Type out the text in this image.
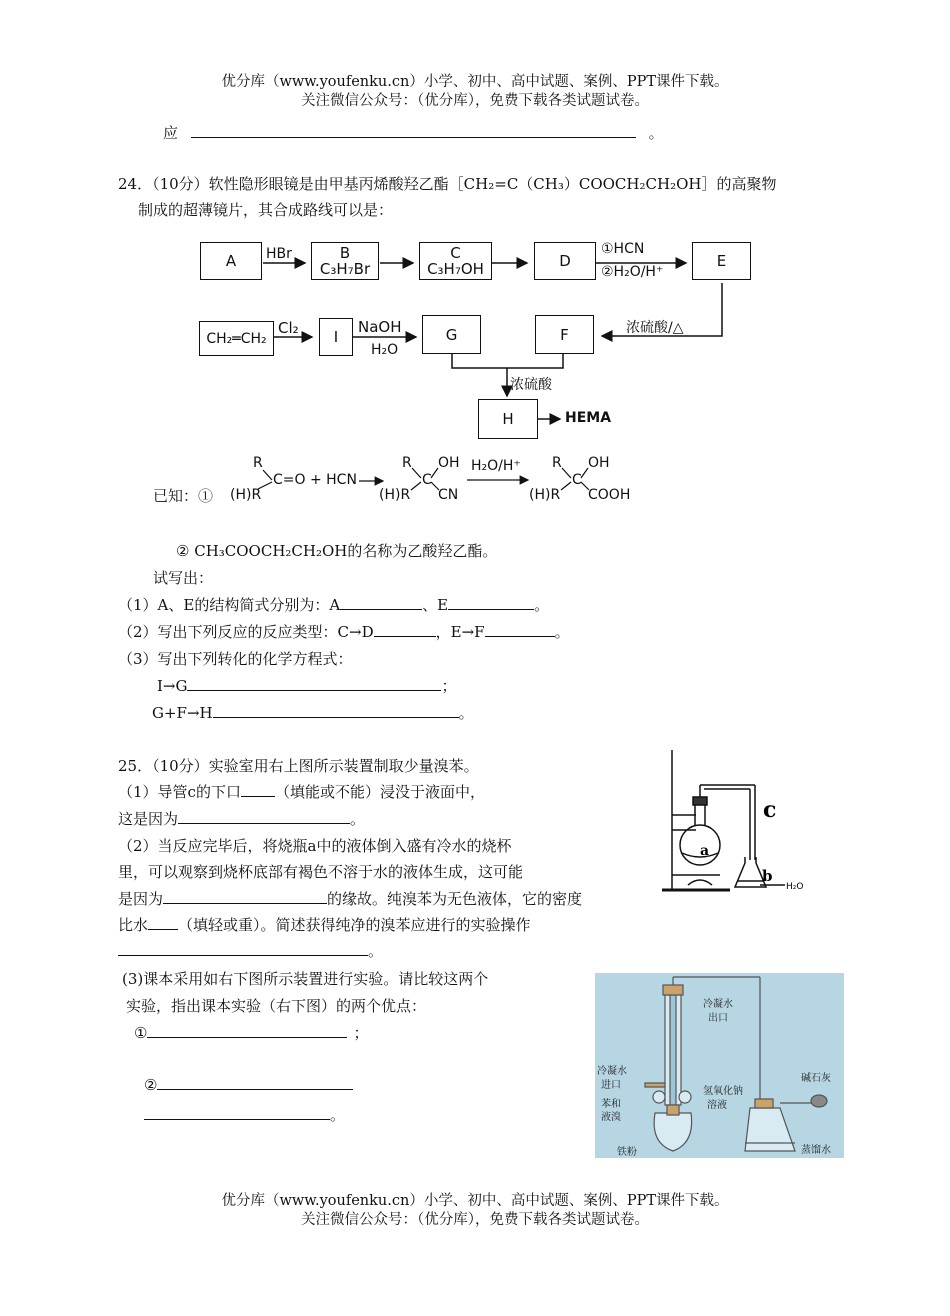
优分库（www.youfenku.cn）小学、初中、高中试题、案例、PPT课件下载。
关注微信公众号：（优分库），免费下载各类试题试卷。
应	。
24．（10分）软性隐形眼镜是由甲基丙烯酸羟乙酯［CH₂=C（CH₃）COOCH₂CH₂OH］的高聚物
制成的超薄镜片，其合成路线可以是：
A	B
C₃H₇Br
C
C₃H₇OH	D	E
CH₂═CH₂	I	G	F
H
HBr	①HCN
②H₂O/H⁺
Cl₂	NaOH
H₂O
浓硫酸/△
浓硫酸
HEMA
已知：①
R
(H)R
C=O + HCN
R OH
C
(H)R CN
H₂O/H⁺ R OH
C
(H)R COOH
② CH₃COOCH₂CH₂OH的名称为乙酸羟乙酯。
试写出：
（1）A、E的结构简式分别为：A	、E	。
（2）写出下列反应的反应类型：C→D	，E→F	。
（3）写出下列转化的化学方程式：
I→G	；
G+F→H	。
25．（10分）实验室用右上图所示装置制取少量溴苯。
（1）导管c的下口 （填能或不能）浸没于液面中，
这是因为	。
（2）当反应完毕后，将烧瓶a中的液体倒入盛有冷水的烧杯
里，可以观察到烧杯底部有褐色不溶于水的液体生成，这可能
是因为	的缘故。纯溴苯为无色液体，它的密度
比水 （填轻或重）。简述获得纯净的溴苯应进行的实验操作
。
(3)课本采用如右下图所示装置进行实验。请比较这两个
实验，指出课本实验（右下图）的两个优点：
①	；
②
。
c
a
b
H₂O
冷凝水
出口
冷凝水
进口
苯和
液溴
氢氧化钠
溶液
铁粉
碱石灰
蒸馏水
优分库（www.youfenku.cn）小学、初中、高中试题、案例、PPT课件下载。
关注微信公众号：（优分库），免费下载各类试题试卷。
